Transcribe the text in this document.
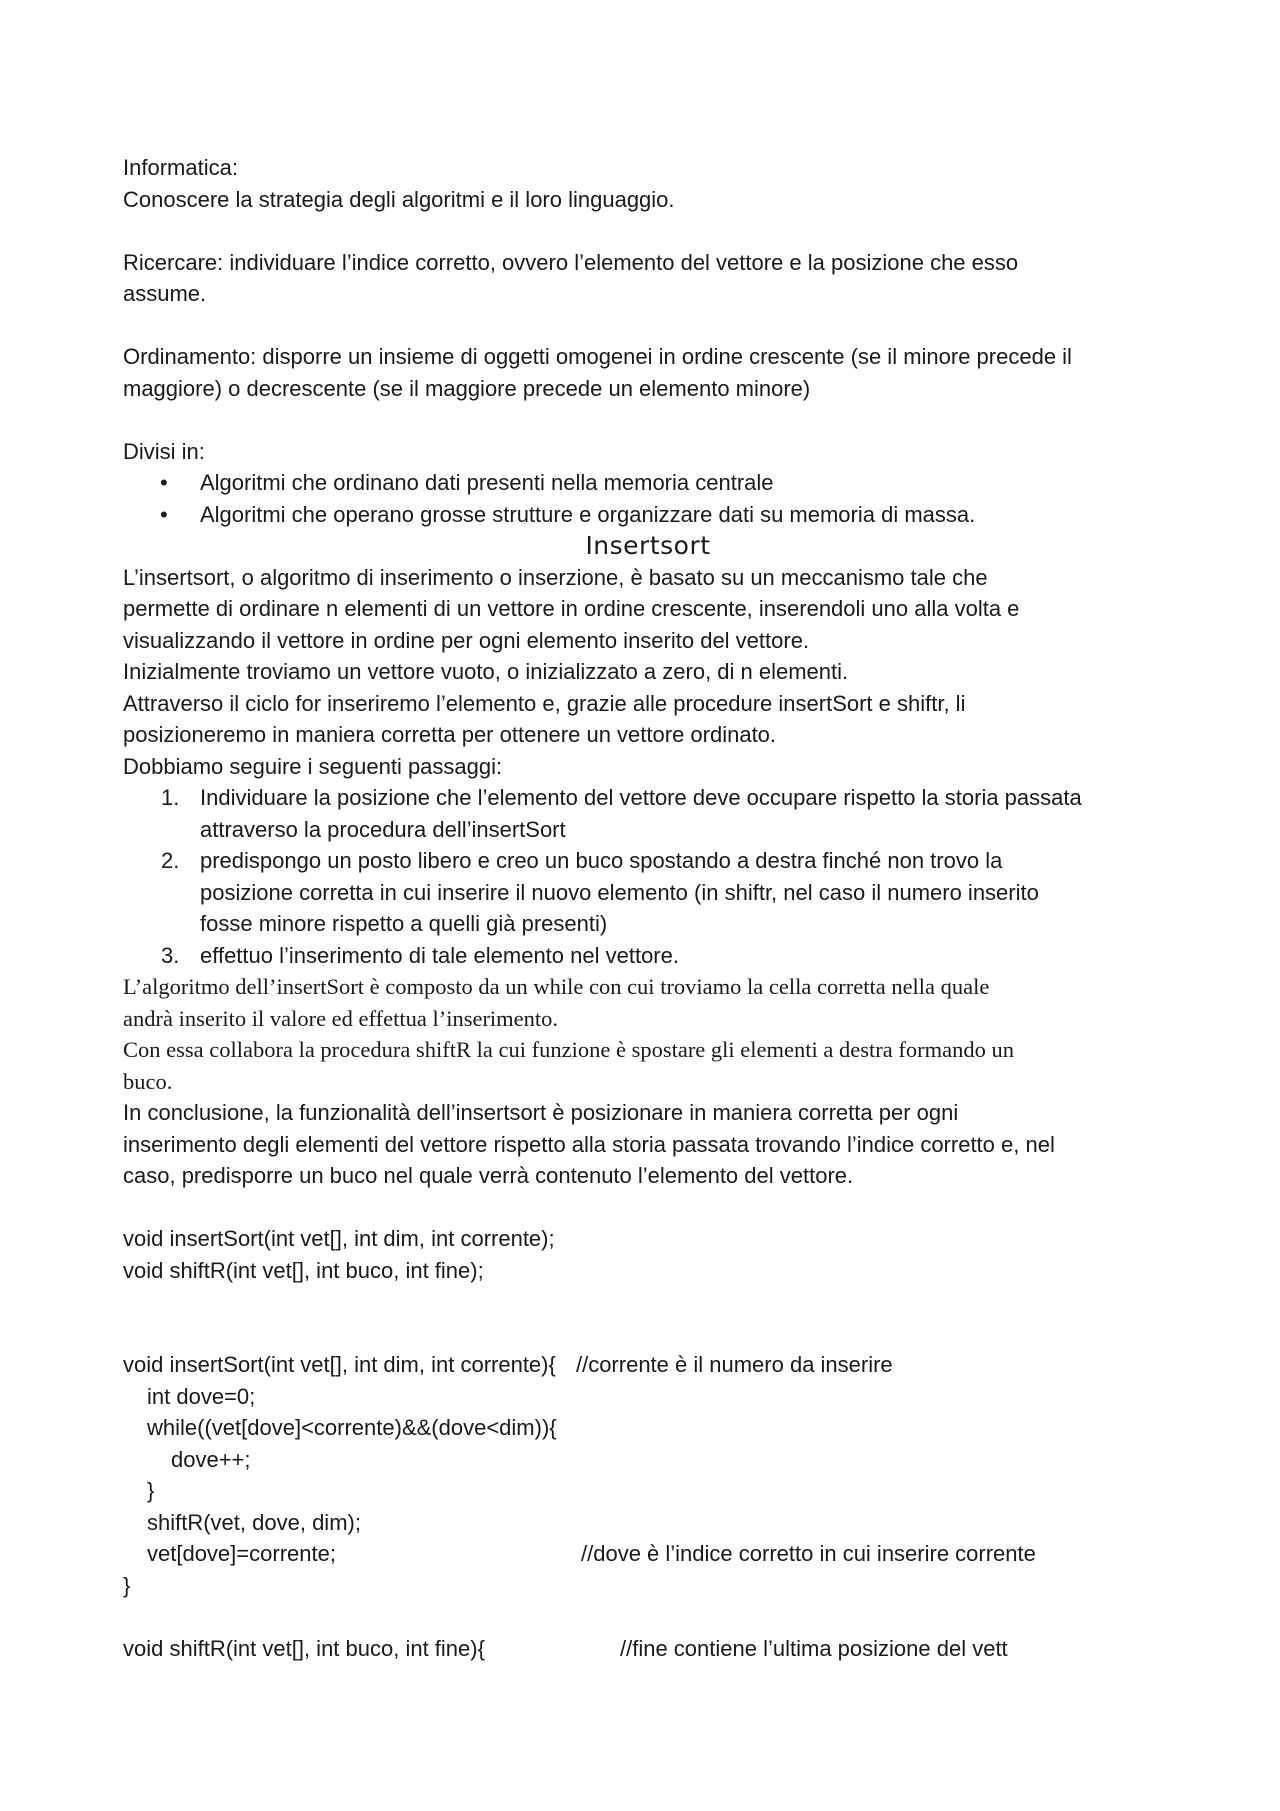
Informatica:
Conoscere la strategia degli algoritmi e il loro linguaggio.
Ricercare: individuare l’indice corretto, ovvero l’elemento del vettore e la posizione che esso
assume.
Ordinamento: disporre un insieme di oggetti omogenei in ordine crescente (se il minore precede il
maggiore) o decrescente (se il maggiore precede un elemento minore)
Divisi in:
• Algoritmi che ordinano dati presenti nella memoria centrale
• Algoritmi che operano grosse strutture e organizzare dati su memoria di massa.
Insertsort
L’insertsort, o algoritmo di inserimento o inserzione, è basato su un meccanismo tale che
permette di ordinare n elementi di un vettore in ordine crescente, inserendoli uno alla volta e
visualizzando il vettore in ordine per ogni elemento inserito del vettore.
Inizialmente troviamo un vettore vuoto, o inizializzato a zero, di n elementi.
Attraverso il ciclo for inseriremo l’elemento e, grazie alle procedure insertSort e shiftr, li
posizioneremo in maniera corretta per ottenere un vettore ordinato.
Dobbiamo seguire i seguenti passaggi:
1. Individuare la posizione che l’elemento del vettore deve occupare rispetto la storia passata
attraverso la procedura dell’insertSort
2. predispongo un posto libero e creo un buco spostando a destra finché non trovo la
posizione corretta in cui inserire il nuovo elemento (in shiftr, nel caso il numero inserito
fosse minore rispetto a quelli già presenti)
3. effettuo l’inserimento di tale elemento nel vettore.
L’algoritmo dell’insertSort è composto da un while con cui troviamo la cella corretta nella quale
andrà inserito il valore ed effettua l’inserimento.
Con essa collabora la procedura shiftR la cui funzione è spostare gli elementi a destra formando un
buco.
In conclusione, la funzionalità dell’insertsort è posizionare in maniera corretta per ogni
inserimento degli elementi del vettore rispetto alla storia passata trovando l’indice corretto e, nel
caso, predisporre un buco nel quale verrà contenuto l’elemento del vettore.
void insertSort(int vet[], int dim, int corrente);
void shiftR(int vet[], int buco, int fine);
void insertSort(int vet[], int dim, int corrente){ //corrente è il numero da inserire
int dove=0;
while((vet[dove]<corrente)&&(dove<dim)){
dove++;
}
shiftR(vet, dove, dim);
vet[dove]=corrente;	//dove è l’indice corretto in cui inserire corrente
}
void shiftR(int vet[], int buco, int fine){	//fine contiene l’ultima posizione del vett
